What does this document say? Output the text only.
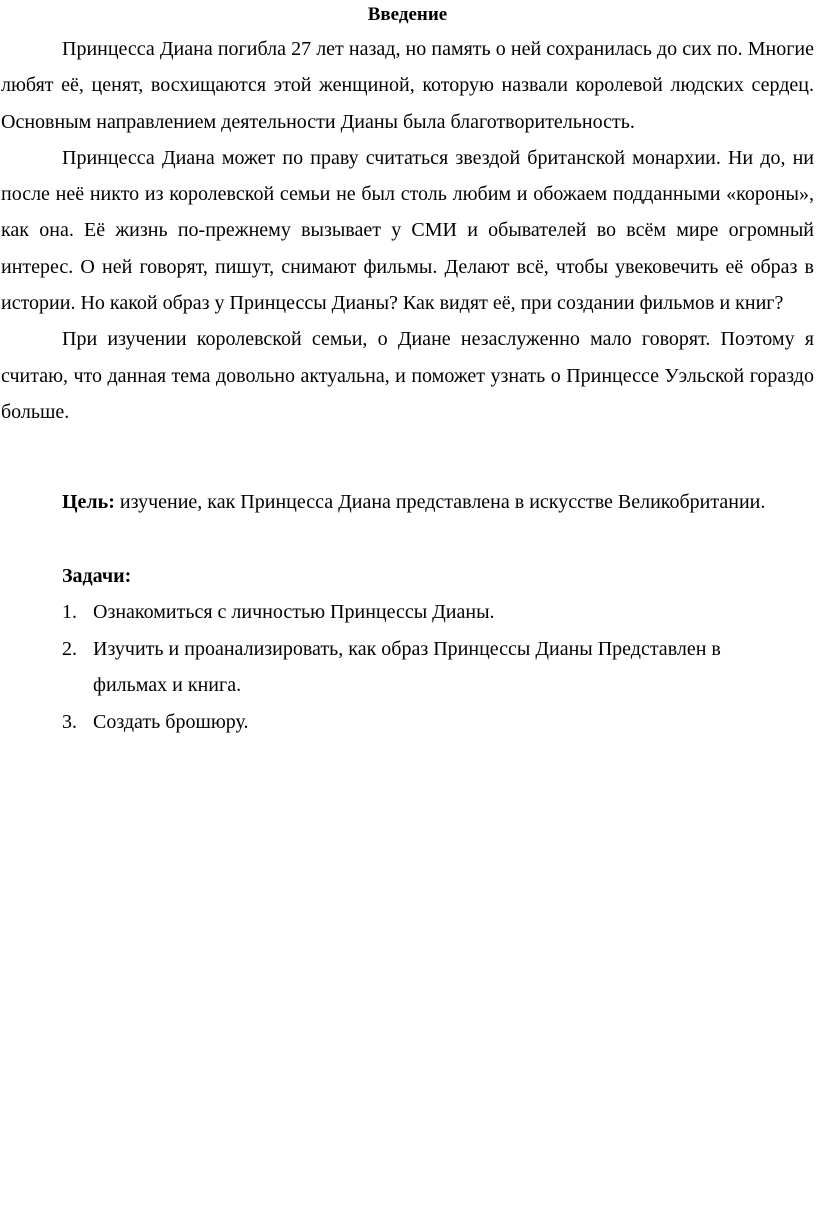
Введение

Принцесса Диана погибла 27 лет назад, но память о ней сохранилась до сих по. Многие любят её, ценят, восхищаются этой женщиной, которую назвали королевой людских сердец. Основным направлением деятельности Дианы была благотворительность.

Принцесса Диана может по праву считаться звездой британской монархии. Ни до, ни после неё никто из королевской семьи не был столь любим и обожаем подданными «короны», как она. Её жизнь по-прежнему вызывает у СМИ и обывателей во всём мире огромный интерес. О ней говорят, пишут, снимают фильмы. Делают всё, чтобы увековечить её образ в истории. Но какой образ у Принцессы Дианы? Как видят её, при создании фильмов и книг?

При изучении королевской семьи, о Диане незаслуженно мало говорят. Поэтому я считаю, что данная тема довольно актуальна, и поможет узнать о Принцессе Уэльской гораздо больше.

Цель: изучение, как Принцесса Диана представлена в искусстве Великобритании.

Задачи:

1. Ознакомиться с личностью Принцессы Дианы.
2. Изучить и проанализировать, как образ Принцессы Дианы Представлен в фильмах и книга.
3. Создать брошюру.
